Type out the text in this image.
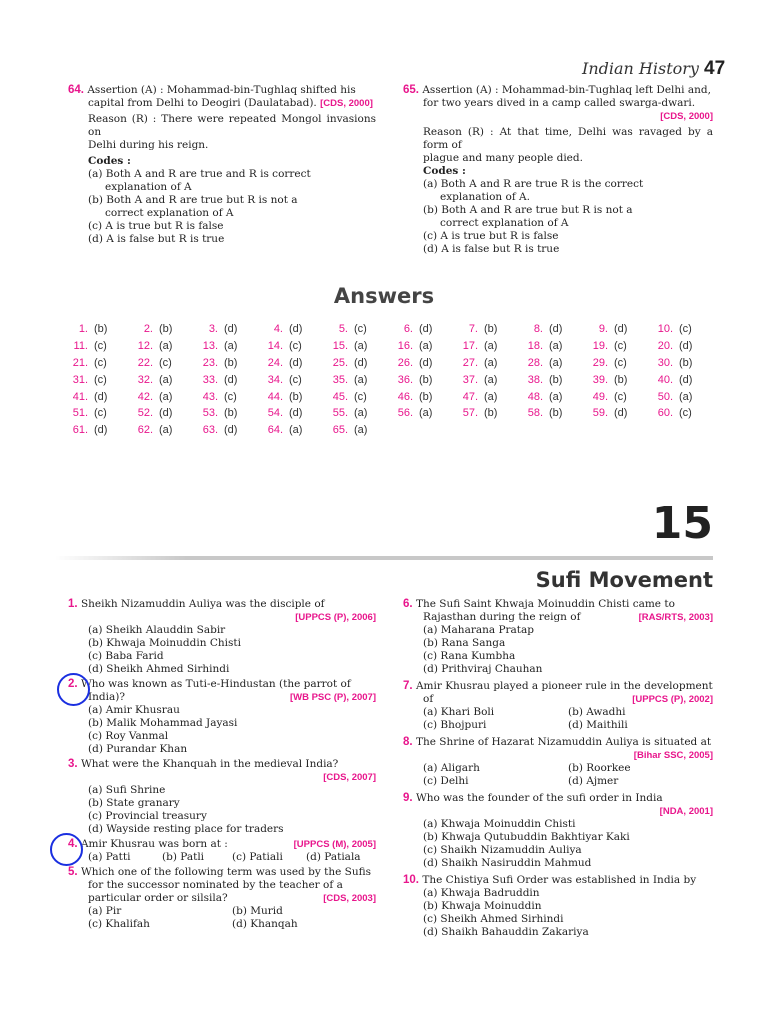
Indian History 47
64. Assertion (A) : Mohammad-bin-Tughlaq shifted his
capital from Delhi to Deogiri (Daulatabad). [CDS, 2000]
Reason (R) : There were repeated Mongol invasions on
Delhi during his reign.
Codes :
(a) Both A and R are true and R is correct
explanation of A
(b) Both A and R are true but R is not a
correct explanation of A
(c) A is true but R is false
(d) A is false but R is true
65. Assertion (A) : Mohammad-bin-Tughlaq left Delhi and,
for two years dived in a camp called swarga-dwari.
[CDS, 2000]
Reason (R) : At that time, Delhi was ravaged by a form of
plague and many people died.
Codes :
(a) Both A and R are true R is the correct
explanation of A.
(b) Both A and R are true but R is not a
correct explanation of A
(c) A is true but R is false
(d) A is false but R is true
Answers
1.	(b)	2.	(b)	3.	(d)	4.	(d)	5.	(c)	6.	(d)	7.	(b)	8.	(d)	9.	(d)	10.	(c)
11.	(c)	12.	(a)	13.	(a)	14.	(c)	15.	(a)	16.	(a)	17.	(a)	18.	(a)	19.	(c)	20.	(d)
21.	(c)	22.	(c)	23.	(b)	24.	(d)	25.	(d)	26.	(d)	27.	(a)	28.	(a)	29.	(c)	30.	(b)
31.	(c)	32.	(a)	33.	(d)	34.	(c)	35.	(a)	36.	(b)	37.	(a)	38.	(b)	39.	(b)	40.	(d)
41.	(d)	42.	(a)	43.	(c)	44.	(b)	45.	(c)	46.	(b)	47.	(a)	48.	(a)	49.	(c)	50.	(a)
51.	(c)	52.	(d)	53.	(b)	54.	(d)	55.	(a)	56.	(a)	57.	(b)	58.	(b)	59.	(d)	60.	(c)
61.	(d)	62.	(a)	63.	(d)	64.	(a)	65.	(a)										
15
Sufi Movement
1. Sheikh Nizamuddin Auliya was the disciple of
[UPPCS (P), 2006]
(a) Sheikh Alauddin Sabir
(b) Khwaja Moinuddin Chisti
(c) Baba Farid
(d) Sheikh Ahmed Sirhindi
2. Who was known as Tuti-e-Hindustan (the parrot of
India)?	[WB PSC (P), 2007]
(a) Amir Khusrau
(b) Malik Mohammad Jayasi
(c) Roy Vanmal
(d) Purandar Khan
3. What were the Khanquah in the medieval India?
[CDS, 2007]
(a) Sufi Shrine
(b) State granary
(c) Provincial treasury
(d) Wayside resting place for traders
4. Amir Khusrau was born at :	[UPPCS (M), 2005]
(a) Patti	(b) Patli	(c) Patiali	(d) Patiala
5. Which one of the following term was used by the Sufis
for the successor nominated by the teacher of a
particular order or silsila?	[CDS, 2003]
(a) Pir	(b) Murid
(c) Khalifah	(d) Khanqah
6. The Sufi Saint Khwaja Moinuddin Chisti came to
Rajasthan during the reign of	[RAS/RTS, 2003]
(a) Maharana Pratap
(b) Rana Sanga
(c) Rana Kumbha
(d) Prithviraj Chauhan
7. Amir Khusrau played a pioneer rule in the development
of	[UPPCS (P), 2002]
(a) Khari Boli	(b) Awadhi
(c) Bhojpuri	(d) Maithili
8. The Shrine of Hazarat Nizamuddin Auliya is situated at
[Bihar SSC, 2005]
(a) Aligarh	(b) Roorkee
(c) Delhi	(d) Ajmer
9. Who was the founder of the sufi order in India
[NDA, 2001]
(a) Khwaja Moinuddin Chisti
(b) Khwaja Qutubuddin Bakhtiyar Kaki
(c) Shaikh Nizamuddin Auliya
(d) Shaikh Nasiruddin Mahmud
10. The Chistiya Sufi Order was established in India by
(a) Khwaja Badruddin
(b) Khwaja Moinuddin
(c) Sheikh Ahmed Sirhindi
(d) Shaikh Bahauddin Zakariya
